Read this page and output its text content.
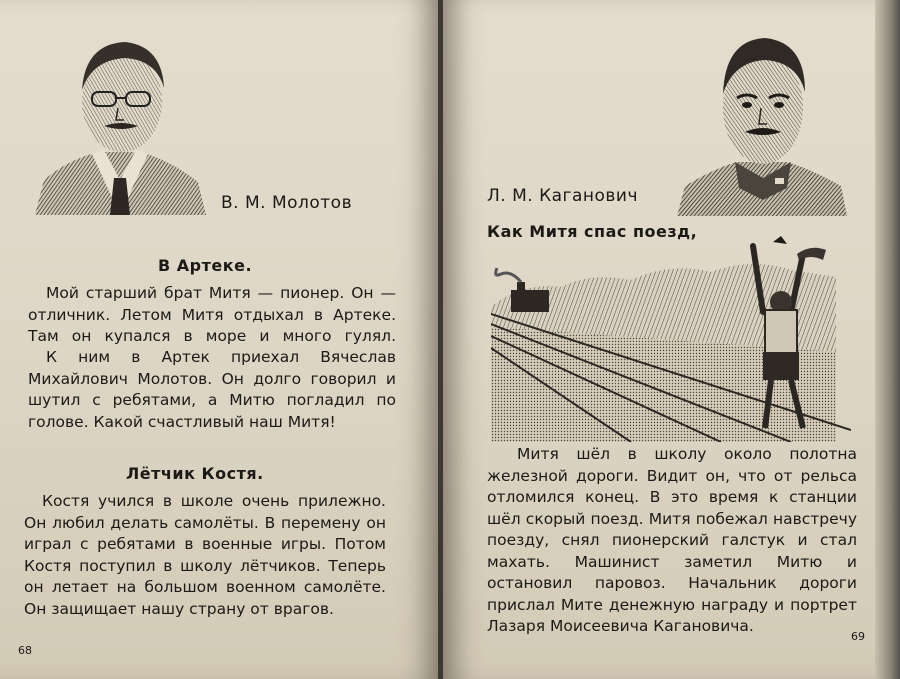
В. М. Молотов
В Артеке.

Мой старший брат Митя — пионер. Он — отличник. Летом Митя отдыхал в Артеке. Там он купался в море и много гулял.

К ним в Артек приехал Вячеслав Михайлович Молотов. Он долго говорил и шутил с ребятами, а Митю погладил по голове. Какой счастливый наш Митя!

Лётчик Костя.

Костя учился в школе очень прилежно. Он любил делать самолёты. В перемену он играл с ребятами в военные игры. Потом Костя поступил в школу лётчиков. Теперь он летает на большом военном самолёте. Он защищает нашу страну от врагов.

68
Л. М. Каганович
Как Митя спас поезд,

Митя шёл в школу около полотна железной дороги. Видит он, что от рельса отломился конец. В это время к станции шёл скорый поезд. Митя побежал навстречу поезду, снял пионерский галстук и стал махать. Машинист заметил Митю и остановил паровоз. Начальник дороги прислал Мите денежную награду и портрет Лазаря Моисеевича Кагановича.

69
